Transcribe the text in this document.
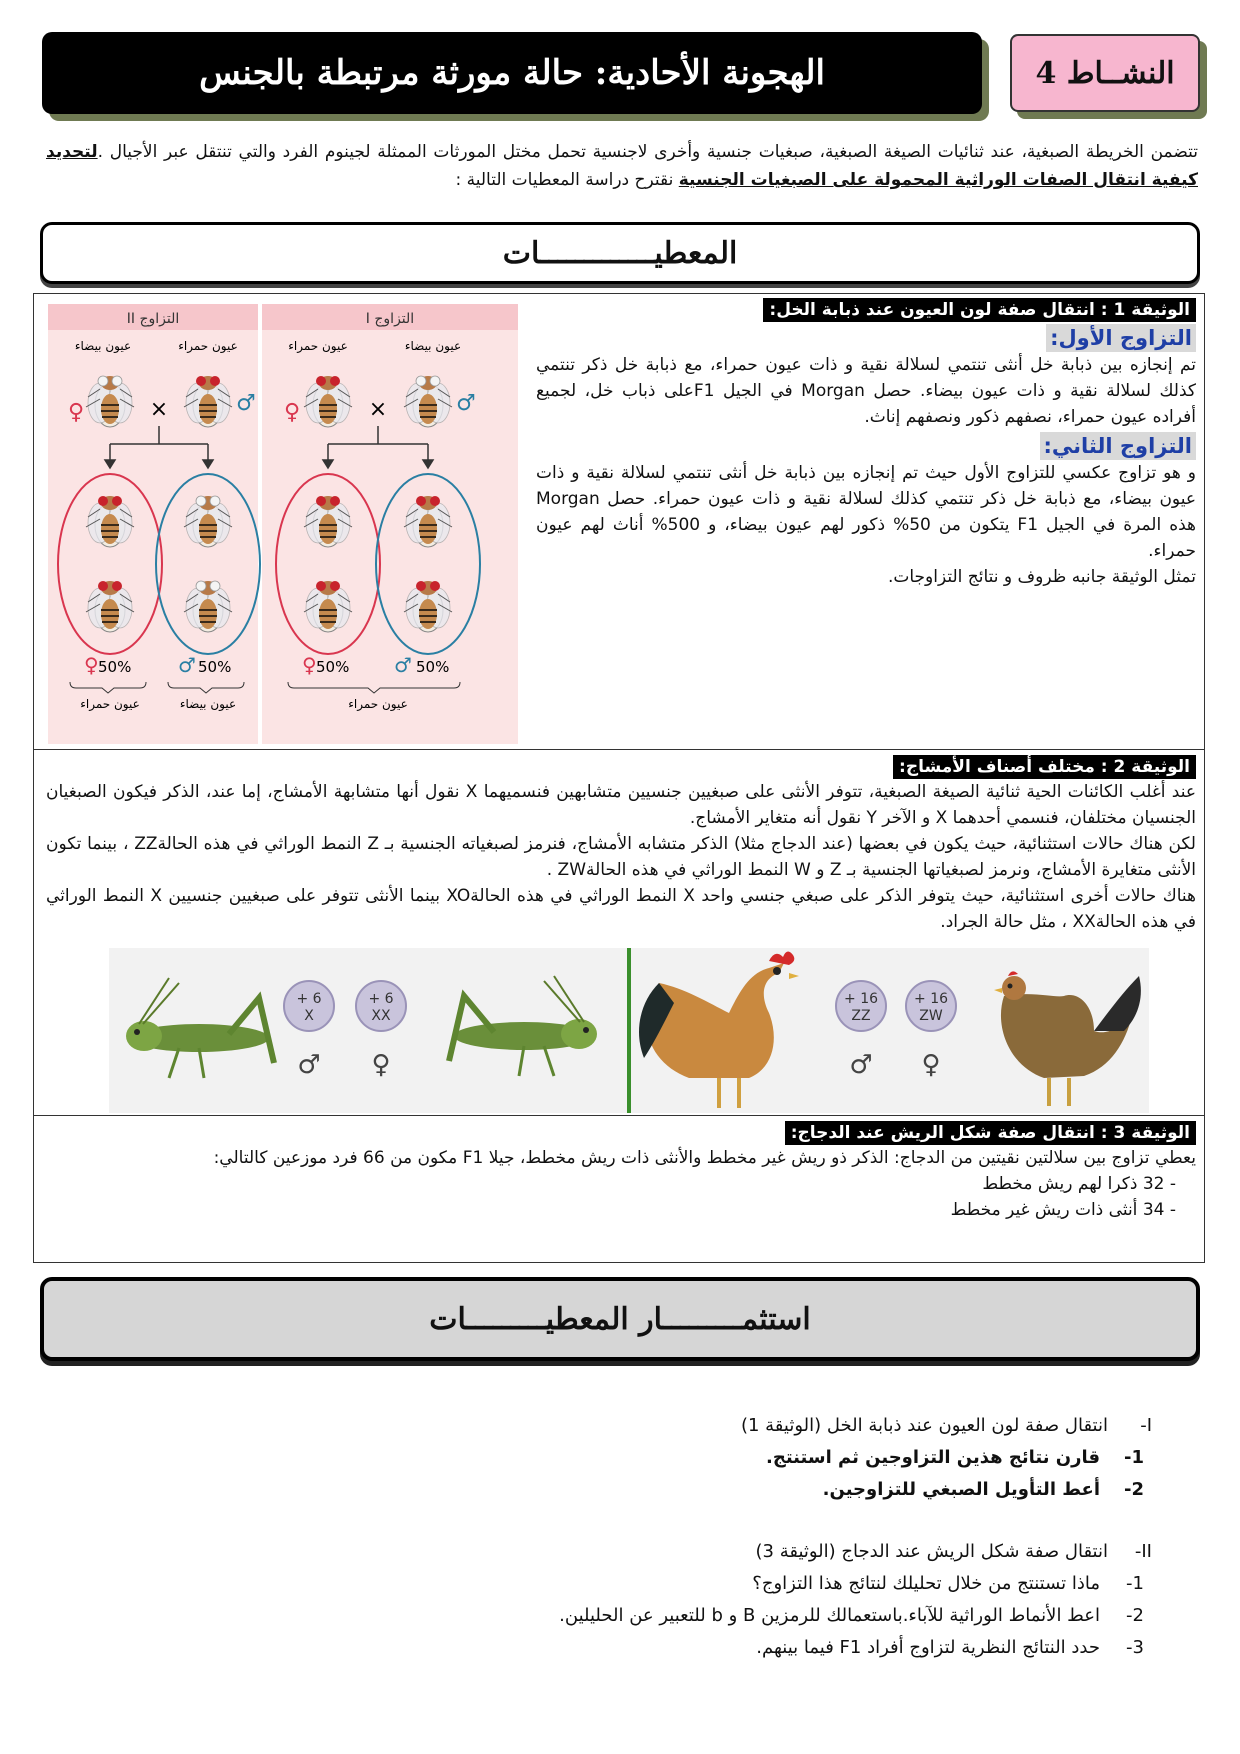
الهجونة الأحادية: حالة مورثة مرتبطة بالجنس	النشــاط 4
تتضمن الخريطة الصبغية، عند ثنائيات الصيغة الصبغية، صبغيات جنسية وأخرى لاجنسية تحمل مختل المورثات الممثلة لجينوم الفرد والتي تنتقل عبر الأجيال .لتحديد كيفية انتقال الصفات الوراثية المحمولة على الصبغيات الجنسية نقترح دراسة المعطيات التالية :
المعطيـــــــــــــات
الوثيقة 1 : انتقال صفة لون العيون عند ذبابة الخل:
التزاوج الأول:

تم إنجازه بين ذبابة خل أنثى تنتمي لسلالة نقية و ذات عيون حمراء، مع ذبابة خل ذكر تنتمي كذلك لسلالة نقية و ذات عيون بيضاء. حصل Morgan في الجيل F1على ذباب خل، لجميع أفراده عيون حمراء، نصفهم ذكور ونصفهم إناث.

التزاوج الثاني:

و هو تزاوج عكسي للتزاوج الأول حيث تم إنجازه بين ذبابة خل أنثى تنتمي لسلالة نقية و ذات عيون بيضاء، مع ذبابة خل ذكر تنتمي كذلك لسلالة نقية و ذات عيون حمراء. حصل Morgan هذه المرة في الجيل F1 يتكون من 50% ذكور لهم عيون بيضاء، و 500% أناث لهم عيون حمراء.

تمثل الوثيقة جانبه ظروف و نتائج التزاوجات.

التزاوج II	التزاوج I
عيون بيضاء	عيون حمراء	عيون حمراء	عيون بيضاء
♀	×	♂ ♀	×	♂
♀ 50% ♂ 50%	♀ 50% ♂ 50%
عيون حمراء	عيون بيضاء	عيون حمراء
الوثيقة 2 : مختلف أصناف الأمشاج:

عند أغلب الكائنات الحية ثنائية الصيغة الصبغية، تتوفر الأنثى على صبغيين جنسيين متشابهين فنسميهما X نقول أنها متشابهة الأمشاج، إما عند، الذكر فيكون الصبغيان الجنسيان مختلفان، فنسمي أحدهما X و الآخر Y نقول أنه متغاير الأمشاج.

لكن هناك حالات استثنائية، حيث يكون في بعضها (عند الدجاج مثلا) الذكر متشابه الأمشاج، فنرمز لصبغياته الجنسية بـ Z النمط الوراثي في هذه الحالةZZ ، بينما تكون الأنثى متغايرة الأمشاج، ونرمز لصبغياتها الجنسية بـ Z و W النمط الوراثي في هذه الحالةZW .

هناك حالات أخرى استثنائية، حيث يتوفر الذكر على صبغي جنسي واحد X النمط الوراثي في هذه الحالةXO بينما الأنثى تتوفر على صبغيين جنسيين X النمط الوراثي في هذه الحالةXX ، مثل حالة الجراد.

6 +
X
♂
6 +
XX
♀
16 +
ZZ
♂
16 +
ZW
♀
الوثيقة 3 : انتقال صفة شكل الريش عند الدجاج:

يعطي تزاوج بين سلالتين نقيتين من الدجاج: الذكر ذو ريش غير مخطط والأنثى ذات ريش مخطط، جيلا F1 مكون من 66 فرد موزعين كالتالي:

- 32 ذكرا لهم ريش مخطط
- 34 أنثى ذات ريش غير مخطط
استثمـــــــــار المعطيـــــــــات
I-
انتقال صفة لون العيون عند ذبابة الخل (الوثيقة 1)
1-
قارن نتائج هذين التزاوجين ثم استنتج.
2-
أعط التأويل الصبغي للتزاوجين.
II-
انتقال صفة شكل الريش عند الدجاج (الوثيقة 3)
1-
ماذا تستنتج من خلال تحليلك لنتائج هذا التزاوج؟
2-
اعط الأنماط الوراثية للآباء.باستعمالك للرمزين B و b للتعبير عن الحليلين.
3-
حدد النتائج النظرية لتزاوج أفراد F1 فيما بينهم.
